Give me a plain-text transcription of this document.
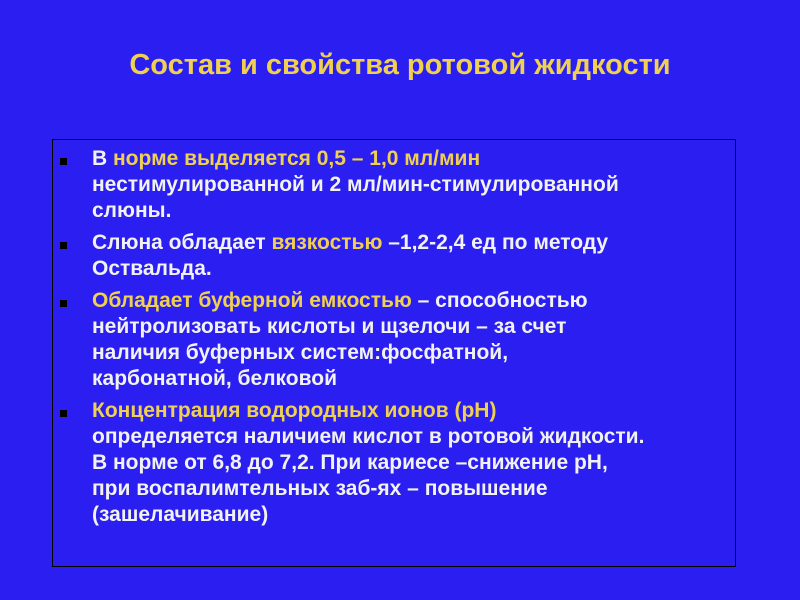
Состав и свойства ротовой жидкости
В норме выделяется 0,5 – 1,0 мл/мин
нестимулированной и 2 мл/мин-стимулированной
слюны.
Слюна обладает вязкостью –1,2-2,4 ед по методу
Оствальда.
Обладает буферной емкостью – способностью
нейтролизовать кислоты и щзелочи – за счет
наличия буферных систем:фосфатной,
карбонатной, белковой
Концентрация водородных ионов (рН)
определяется наличием кислот в ротовой жидкости.
В норме от 6,8 до 7,2. При кариесе –снижение рН,
при воспалимтельных заб-ях – повышение
(зашелачивание)
